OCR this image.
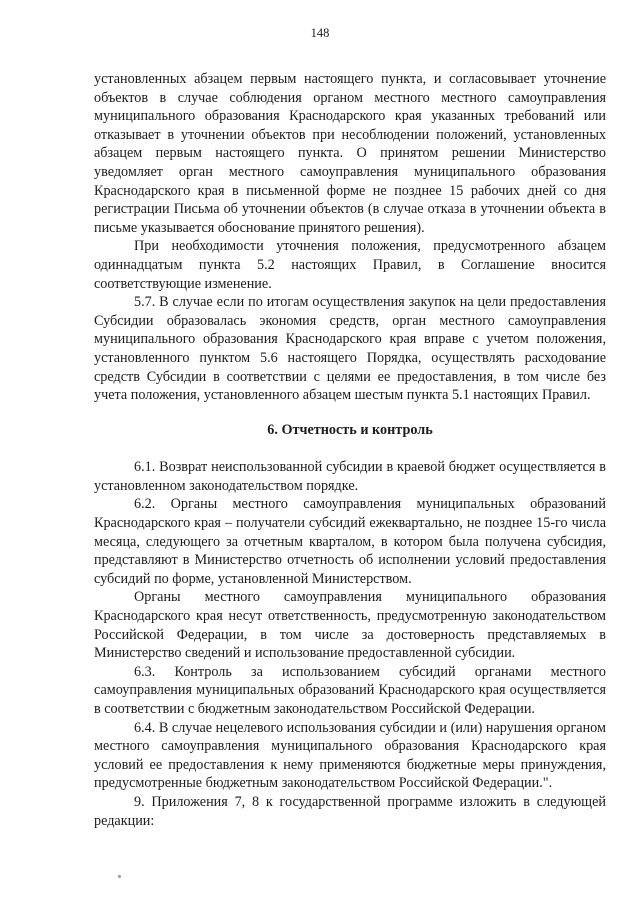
148

установленных абзацем первым настоящего пункта, и согласовывает уточнение объектов в случае соблюдения органом местного местного самоуправления муниципального образования Краснодарского края указанных требований или отказывает в уточнении объектов при несоблюдении положений, установленных абзацем первым настоящего пункта. О принятом решении Министерство уведомляет орган местного самоуправления муниципального образования Краснодарского края в письменной форме не позднее 15 рабочих дней со дня регистрации Письма об уточнении объектов (в случае отказа в уточнении объекта в письме указывается обоснование принятого решения).

При необходимости уточнения положения, предусмотренного абзацем одиннадцатым пункта 5.2 настоящих Правил, в Соглашение вносится соответствующие изменение.

5.7. В случае если по итогам осуществления закупок на цели предоставления Субсидии образовалась экономия средств, орган местного самоуправления муниципального образования Краснодарского края вправе с учетом положения, установленного пунктом 5.6 настоящего Порядка, осуществлять расходование средств Субсидии в соответствии с целями ее предоставления, в том числе без учета положения, установленного абзацем шестым пункта 5.1 настоящих Правил.

6. Отчетность и контроль

6.1. Возврат неиспользованной субсидии в краевой бюджет осуществляется в установленном законодательством порядке.

6.2. Органы местного самоуправления муниципальных образований Краснодарского края – получатели субсидий ежеквартально, не позднее 15-го числа месяца, следующего за отчетным кварталом, в котором была получена субсидия, представляют в Министерство отчетность об исполнении условий предоставления субсидий по форме, установленной Министерством.

Органы местного самоуправления муниципального образования Краснодарского края несут ответственность, предусмотренную законодательством Российской Федерации, в том числе за достоверность представляемых в Министерство сведений и использование предоставленной субсидии.

6.3. Контроль за использованием субсидий органами местного самоуправления муниципальных образований Краснодарского края осуществляется в соответствии с бюджетным законодательством Российской Федерации.

6.4. В случае нецелевого использования субсидии и (или) нарушения органом местного самоуправления муниципального образования Краснодарского края условий ее предоставления к нему применяются бюджетные меры принуждения, предусмотренные бюджетным законодательством Российской Федерации.".

9. Приложения 7, 8 к государственной программе изложить в следующей редакции:
